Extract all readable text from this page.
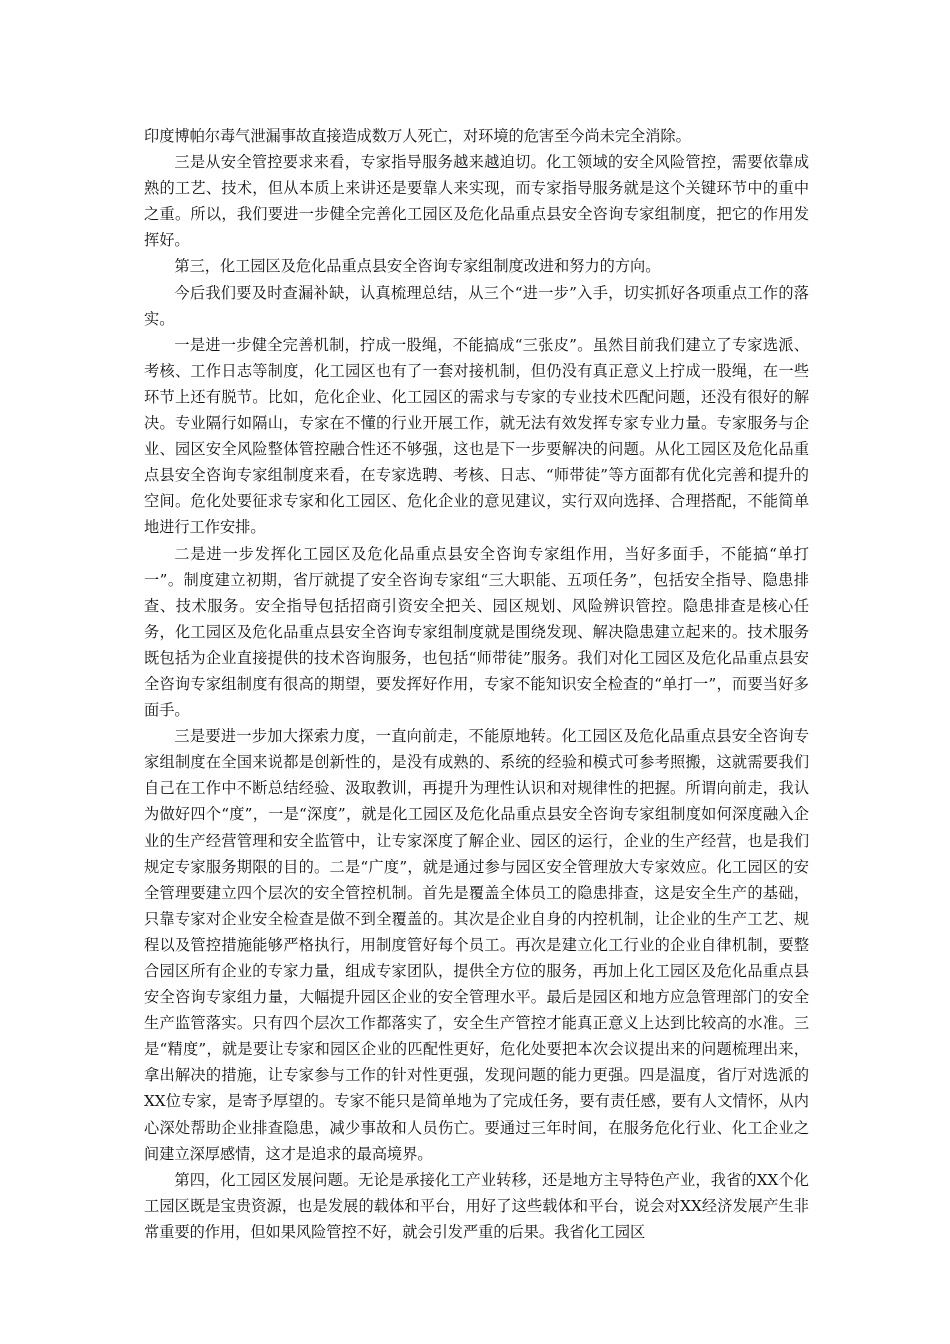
印度博帕尔毒气泄漏事故直接造成数万人死亡，对环境的危害至今尚未完全消除。

三是从安全管控要求来看，专家指导服务越来越迫切。化工领域的安全风险管控，需要依靠成熟的工艺、技术，但从本质上来讲还是要靠人来实现，而专家指导服务就是这个关键环节中的重中之重。所以，我们要进一步健全完善化工园区及危化品重点县安全咨询专家组制度，把它的作用发挥好。

第三，化工园区及危化品重点县安全咨询专家组制度改进和努力的方向。

今后我们要及时查漏补缺，认真梳理总结，从三个“进一步”入手，切实抓好各项重点工作的落实。

一是进一步健全完善机制，拧成一股绳，不能搞成“三张皮”。虽然目前我们建立了专家选派、考核、工作日志等制度，化工园区也有了一套对接机制，但仍没有真正意义上拧成一股绳，在一些环节上还有脱节。比如，危化企业、化工园区的需求与专家的专业技术匹配问题，还没有很好的解决。专业隔行如隔山，专家在不懂的行业开展工作，就无法有效发挥专家专业力量。专家服务与企业、园区安全风险整体管控融合性还不够强，这也是下一步要解决的问题。从化工园区及危化品重点县安全咨询专家组制度来看，在专家选聘、考核、日志、“师带徒”等方面都有优化完善和提升的空间。危化处要征求专家和化工园区、危化企业的意见建议，实行双向选择、合理搭配，不能简单地进行工作安排。

二是进一步发挥化工园区及危化品重点县安全咨询专家组作用，当好多面手，不能搞“单打一”。制度建立初期，省厅就提了安全咨询专家组“三大职能、五项任务”，包括安全指导、隐患排查、技术服务。安全指导包括招商引资安全把关、园区规划、风险辨识管控。隐患排查是核心任务，化工园区及危化品重点县安全咨询专家组制度就是围绕发现、解决隐患建立起来的。技术服务既包括为企业直接提供的技术咨询服务，也包括“师带徒”服务。我们对化工园区及危化品重点县安全咨询专家组制度有很高的期望，要发挥好作用，专家不能知识安全检查的“单打一”，而要当好多面手。

三是要进一步加大探索力度，一直向前走，不能原地转。化工园区及危化品重点县安全咨询专家组制度在全国来说都是创新性的，是没有成熟的、系统的经验和模式可参考照搬，这就需要我们自己在工作中不断总结经验、汲取教训，再提升为理性认识和对规律性的把握。所谓向前走，我认为做好四个“度”，一是“深度”，就是化工园区及危化品重点县安全咨询专家组制度如何深度融入企业的生产经营管理和安全监管中，让专家深度了解企业、园区的运行，企业的生产经营，也是我们规定专家服务期限的目的。二是“广度”，就是通过参与园区安全管理放大专家效应。化工园区的安全管理要建立四个层次的安全管控机制。首先是覆盖全体员工的隐患排查，这是安全生产的基础，只靠专家对企业安全检查是做不到全覆盖的。其次是企业自身的内控机制，让企业的生产工艺、规程以及管控措施能够严格执行，用制度管好每个员工。再次是建立化工行业的企业自律机制，要整合园区所有企业的专家力量，组成专家团队，提供全方位的服务，再加上化工园区及危化品重点县安全咨询专家组力量，大幅提升园区企业的安全管理水平。最后是园区和地方应急管理部门的安全生产监管落实。只有四个层次工作都落实了，安全生产管控才能真正意义上达到比较高的水准。三是“精度”，就是要让专家和园区企业的匹配性更好，危化处要把本次会议提出来的问题梳理出来，拿出解决的措施，让专家参与工作的针对性更强，发现问题的能力更强。四是温度，省厅对选派的XX位专家，是寄予厚望的。专家不能只是简单地为了完成任务，要有责任感，要有人文情怀，从内心深处帮助企业排查隐患，减少事故和人员伤亡。要通过三年时间，在服务危化行业、化工企业之间建立深厚感情，这才是追求的最高境界。

第四，化工园区发展问题。无论是承接化工产业转移，还是地方主导特色产业，我省的XX个化工园区既是宝贵资源，也是发展的载体和平台，用好了这些载体和平台，说会对XX经济发展产生非常重要的作用，但如果风险管控不好，就会引发严重的后果。我省化工园区
